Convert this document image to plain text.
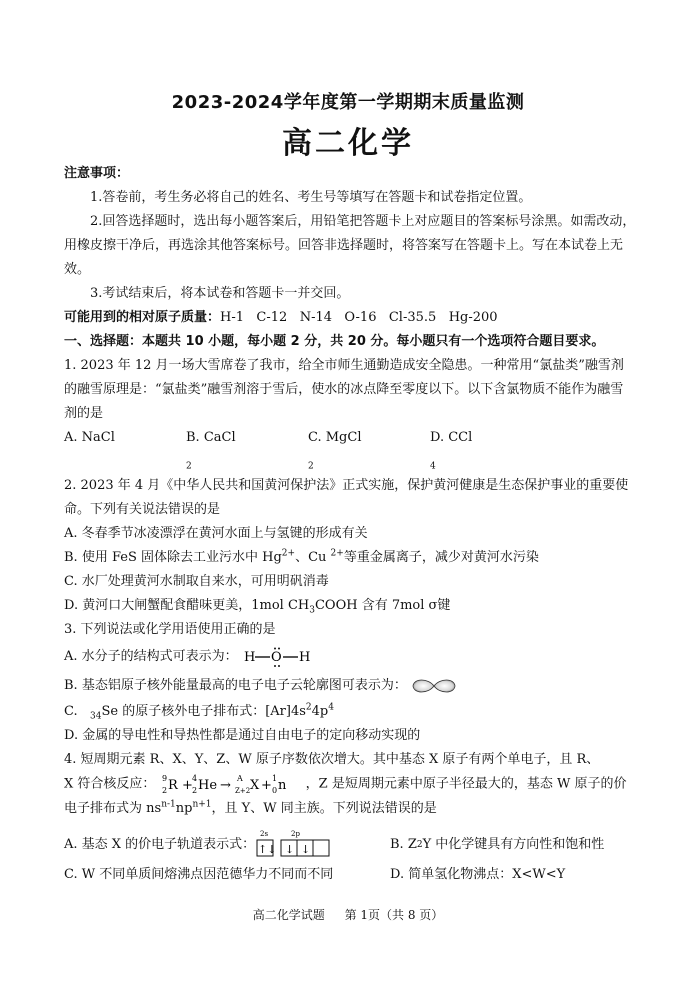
2023-2024学年度第一学期期末质量监测
高二化学

注意事项：

1.答卷前，考生务必将自己的姓名、考生号等填写在答题卡和试卷指定位置。

2.回答选择题时，选出每小题答案后，用铅笔把答题卡上对应题目的答案标号涂黑。如需改动，用橡皮擦干净后，再选涂其他答案标号。回答非选择题时，将答案写在答题卡上。写在本试卷上无效。

3.考试结束后，将本试卷和答题卡一并交回。

可能用到的相对原子质量：H-1   C-12   N-14   O-16   Cl-35.5   Hg-200

一、选择题：本题共 10 小题，每小题 2 分，共 20 分。每小题只有一个选项符合题目要求。

1. 2023 年 12 月一场大雪席卷了我市，给全市师生通勤造成安全隐患。一种常用“氯盐类”融雪剂的融雪原理是：“氯盐类”融雪剂溶于雪后，使水的冰点降至零度以下。以下含氯物质不能作为融雪剂的是

A. NaCl	B. CaCl$_2$
C. MgCl$_2$
D. CCl$_4$

2. 2023 年 4 月《中华人民共和国黄河保护法》正式实施，保护黄河健康是生态保护事业的重要使命。下列有关说法错误的是

A. 冬春季节冰凌漂浮在黄河水面上与氢键的形成有关

B. 使用 FeS 固体除去工业污水中 $Hg^{2+}$、Cu $^{2+}$等重金属离子，减少对黄河水污染

C. 水厂处理黄河水制取自来水，可用明矾消毒

D. 黄河口大闸蟹配食醋味更美，1mol $CH_3COOH$ 含有 7mol σ键

3. 下列说法或化学用语使用正确的是

A. 水分子的结构式可表示为： H O H

B. 基态铝原子核外能量最高的电子电子云轮廓图可表示为：

C.   $_{34}$Se 的原子核外电子排布式：$[Ar]4s^24p^4$

D. 金属的导电性和导热性都是通过自由电子的定向移动实现的

4. 短周期元素 R、X、Y、Z、W 原子序数依次增大。其中基态 X 原子有两个单电子，且 R、

X 符合核反应： 9
2 R + 4
2 He → A
Z+2 X + 1
0 n ，Z 是短周期元素中原子半径最大的，基态 W 原子的价

电子排布式为 $ns^{n-1}np^{n+1}$，且 Y、W 同主族。下列说法错误的是

A. 基态 X 的价电子轨道表示式：
2s	2p
↑↓ ↓ ↓	B. Z 2 Y 中化学键具有方向性和饱和性
C. W 不同单质间熔沸点因范德华力不同而不同	D. 简单氢化物沸点：X<W<Y
高二化学试题 第 1页（共 8 页）
